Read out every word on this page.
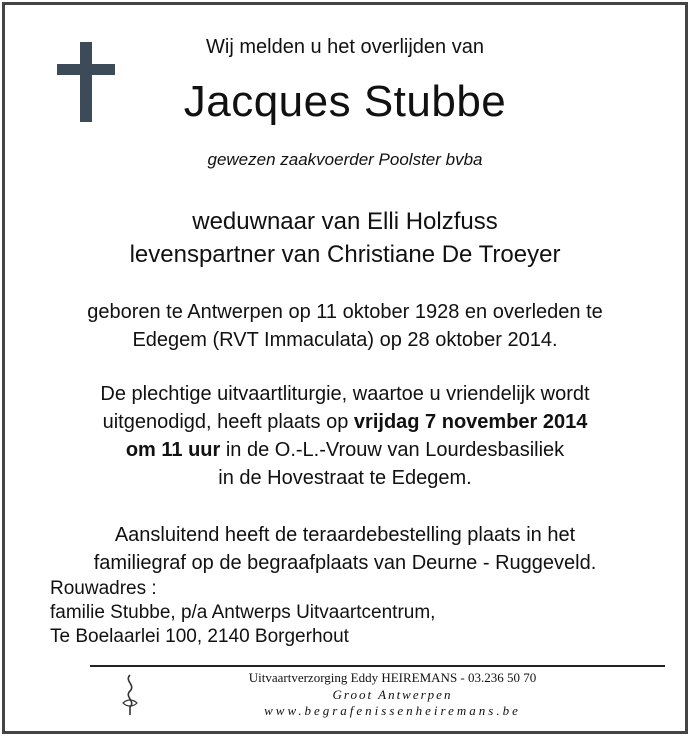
Wij melden u het overlijden van
Jacques Stubbe
gewezen zaakvoerder Poolster bvba
weduwnaar van Elli Holzfuss
levenspartner van Christiane De Troeyer
geboren te Antwerpen op 11 oktober 1928 en overleden te
Edegem (RVT Immaculata) op 28 oktober 2014.
De plechtige uitvaartliturgie, waartoe u vriendelijk wordt
uitgenodigd, heeft plaats op vrijdag 7 november 2014
om 11 uur in de O.-L.-Vrouw van Lourdesbasiliek
in de Hovestraat te Edegem.
Aansluitend heeft de teraardebestelling plaats in het
familiegraf op de begraafplaats van Deurne - Ruggeveld.
Rouwadres :
familie Stubbe, p/a Antwerps Uitvaartcentrum,
Te Boelaarlei 100, 2140 Borgerhout
Uitvaartverzorging Eddy HEIREMANS - 03.236 50 70
Groot Antwerpen
www.begrafenissenheiremans.be
